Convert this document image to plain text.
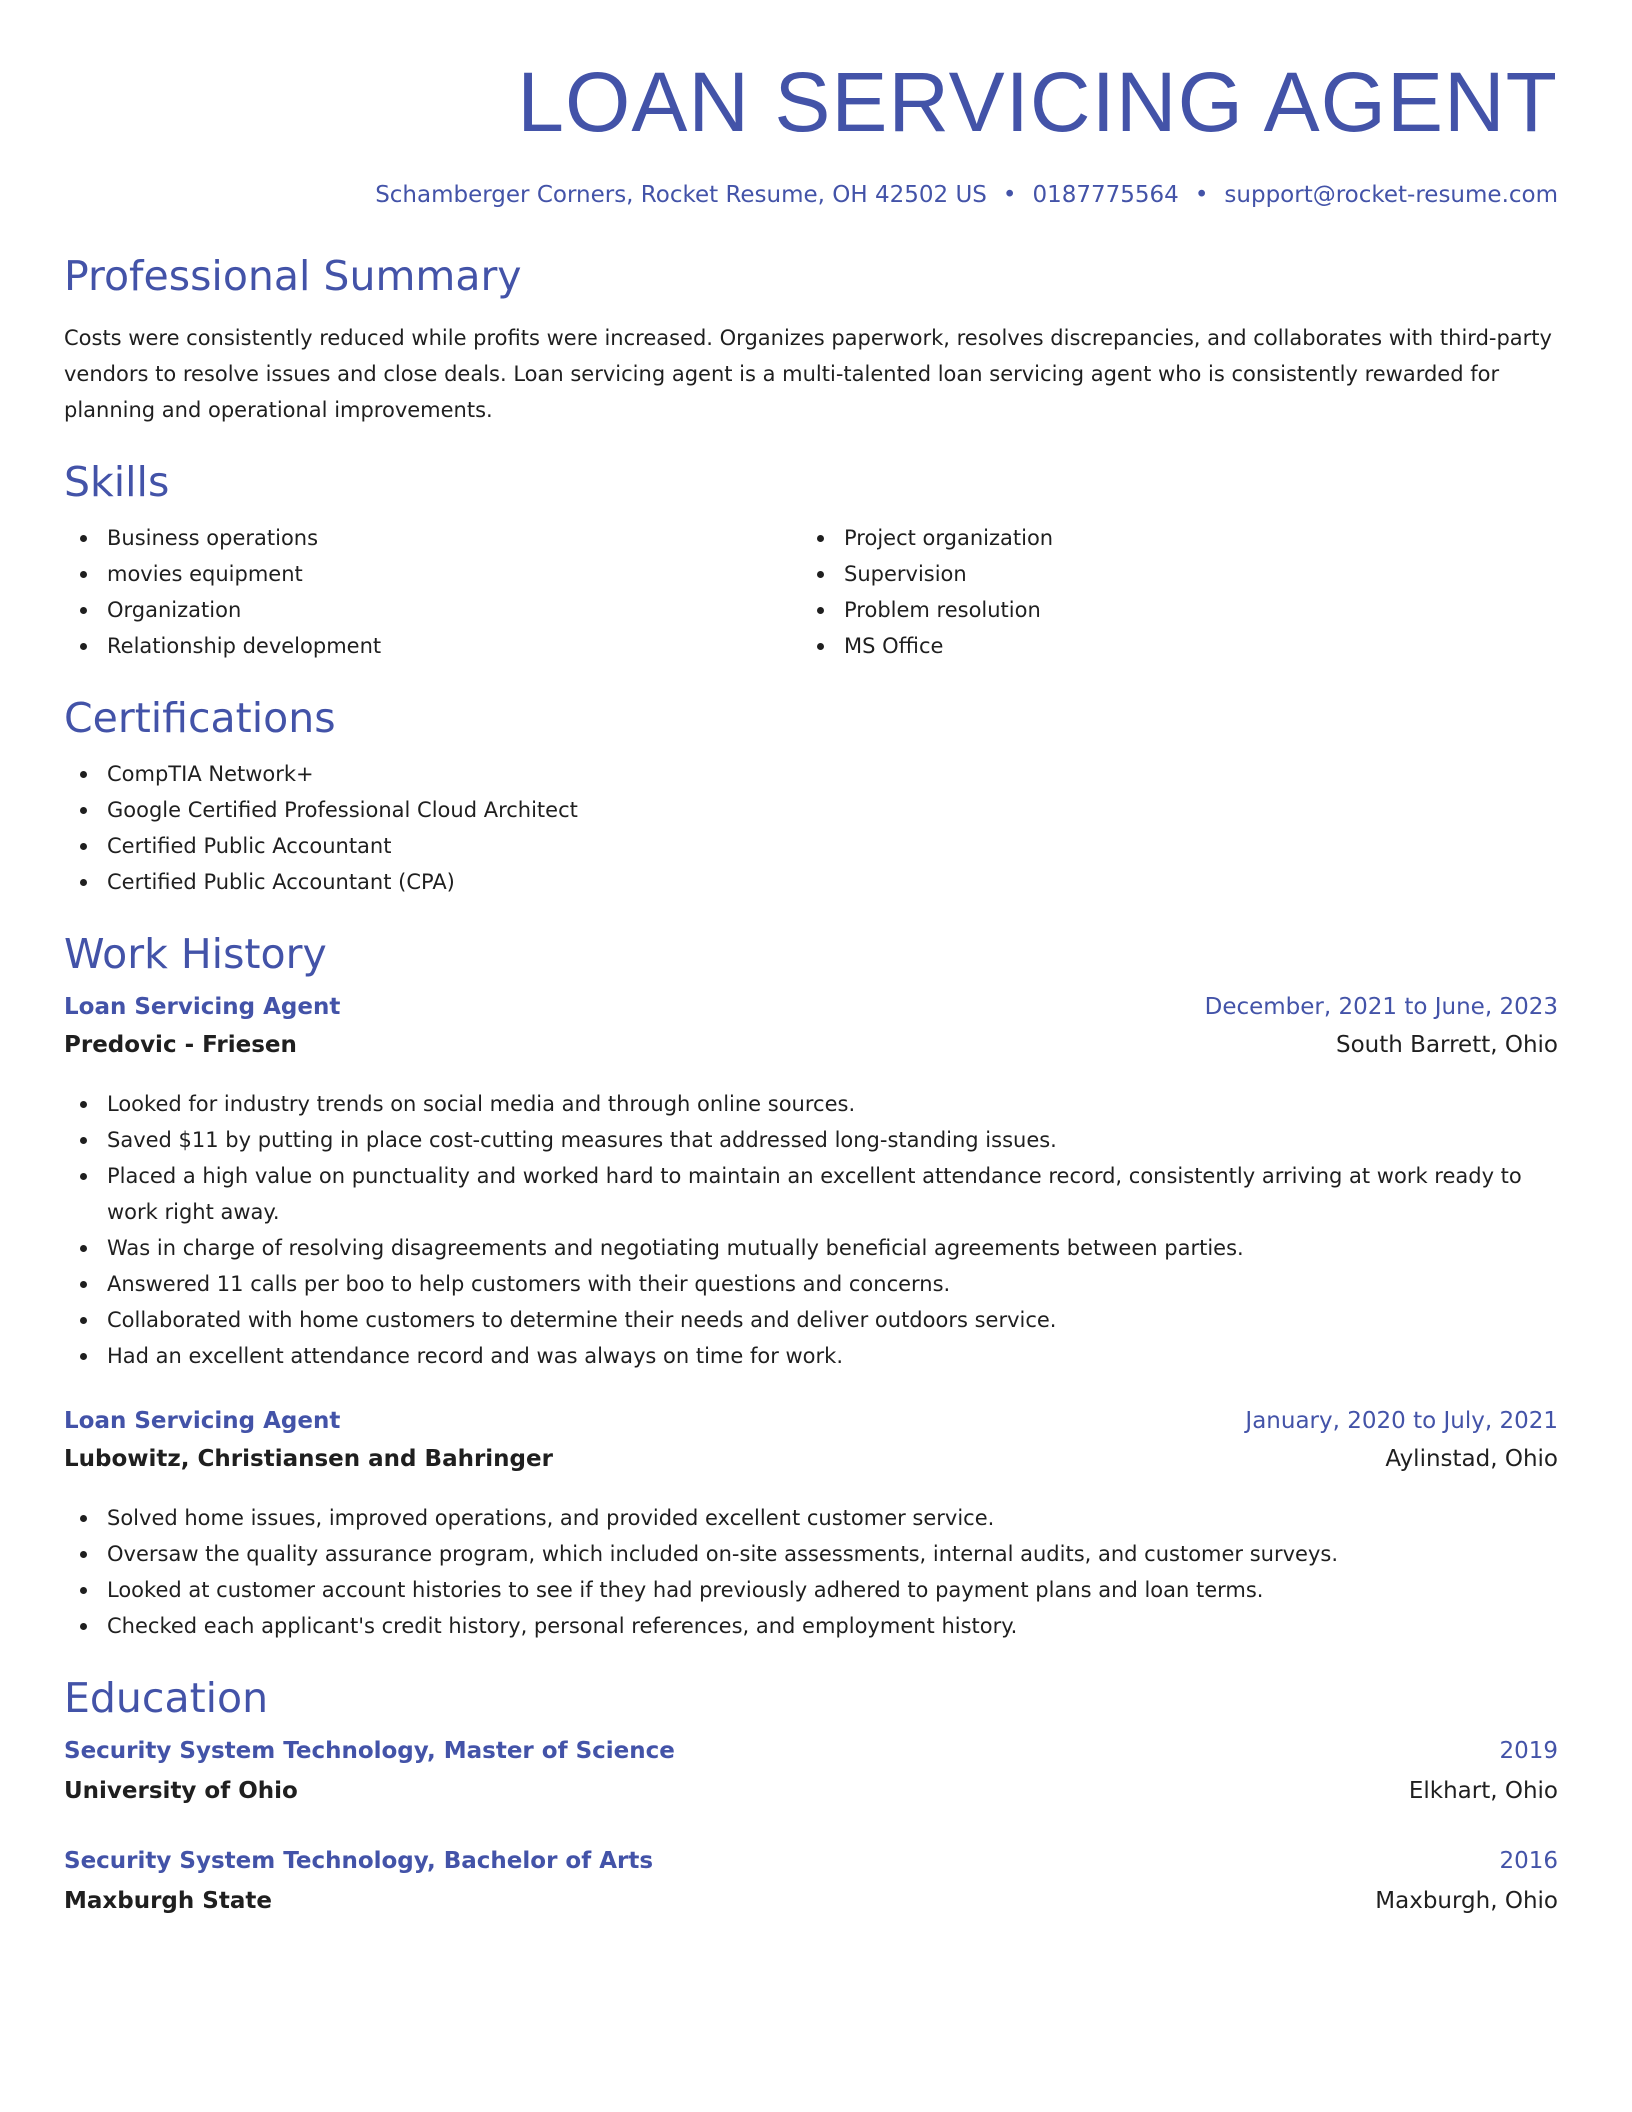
LOAN SERVICING AGENT
Schamberger Corners, Rocket Resume, OH 42502 US • 0187775564 • support@rocket-resume.com
Professional Summary
Costs were consistently reduced while profits were increased. Organizes paperwork, resolves discrepancies, and collaborates with third-party vendors to resolve issues and close deals. Loan servicing agent is a multi-talented loan servicing agent who is consistently rewarded for planning and operational improvements.
Skills
Business operations
movies equipment
Organization
Relationship development
Project organization
Supervision
Problem resolution
MS Office
Certifications
CompTIA Network+
Google Certified Professional Cloud Architect
Certified Public Accountant
Certified Public Accountant (CPA)
Work History
Loan Servicing Agent	December, 2021 to June, 2023
Predovic - Friesen	South Barrett, Ohio
Looked for industry trends on social media and through online sources.
Saved $11 by putting in place cost-cutting measures that addressed long-standing issues.
Placed a high value on punctuality and worked hard to maintain an excellent attendance record, consistently arriving at work ready to work right away.
Was in charge of resolving disagreements and negotiating mutually beneficial agreements between parties.
Answered 11 calls per boo to help customers with their questions and concerns.
Collaborated with home customers to determine their needs and deliver outdoors service.
Had an excellent attendance record and was always on time for work.
Loan Servicing Agent	January, 2020 to July, 2021
Lubowitz, Christiansen and Bahringer	Aylinstad, Ohio
Solved home issues, improved operations, and provided excellent customer service.
Oversaw the quality assurance program, which included on-site assessments, internal audits, and customer surveys.
Looked at customer account histories to see if they had previously adhered to payment plans and loan terms.
Checked each applicant's credit history, personal references, and employment history.
Education
Security System Technology, Master of Science	2019
University of Ohio	Elkhart, Ohio
Security System Technology, Bachelor of Arts	2016
Maxburgh State	Maxburgh, Ohio
